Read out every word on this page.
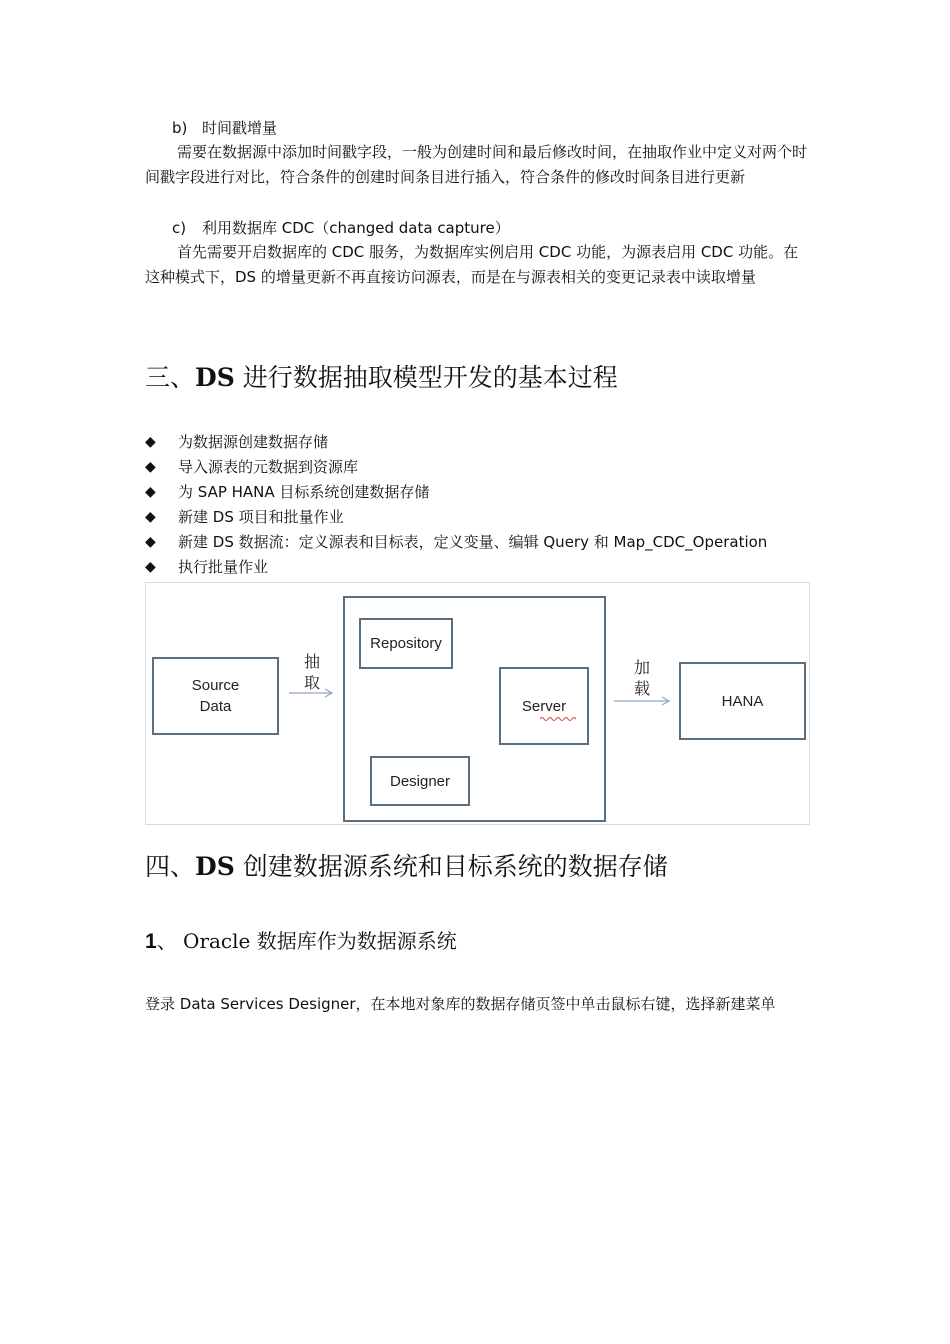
b) 时间戳增量
需要在数据源中添加时间戳字段，一般为创建时间和最后修改时间，在抽取作业中定义对两个时间戳字段进行对比，符合条件的创建时间条目进行插入，符合条件的修改时间条目进行更新
c) 利用数据库 CDC（changed data capture）
首先需要开启数据库的 CDC 服务，为数据库实例启用 CDC 功能，为源表启用 CDC 功能。在这种模式下，DS 的增量更新不再直接访问源表，而是在与源表相关的变更记录表中读取增量
三、DS 进行数据抽取模型开发的基本过程
◆	为数据源创建数据存储
◆	导入源表的元数据到资源库
◆	为 SAP HANA 目标系统创建数据存储
◆	新建 DS 项目和批量作业
◆	新建 DS 数据流：定义源表和目标表，定义变量、编辑 Query 和 Map_CDC_Operation
◆	执行批量作业
Source
Data
抽
取
Repository
Server
Designer
加
载
HANA
四、DS 创建数据源系统和目标系统的数据存储
1、 Oracle 数据库作为数据源系统
登录 Data Services Designer，在本地对象库的数据存储页签中单击鼠标右键，选择新建菜单
